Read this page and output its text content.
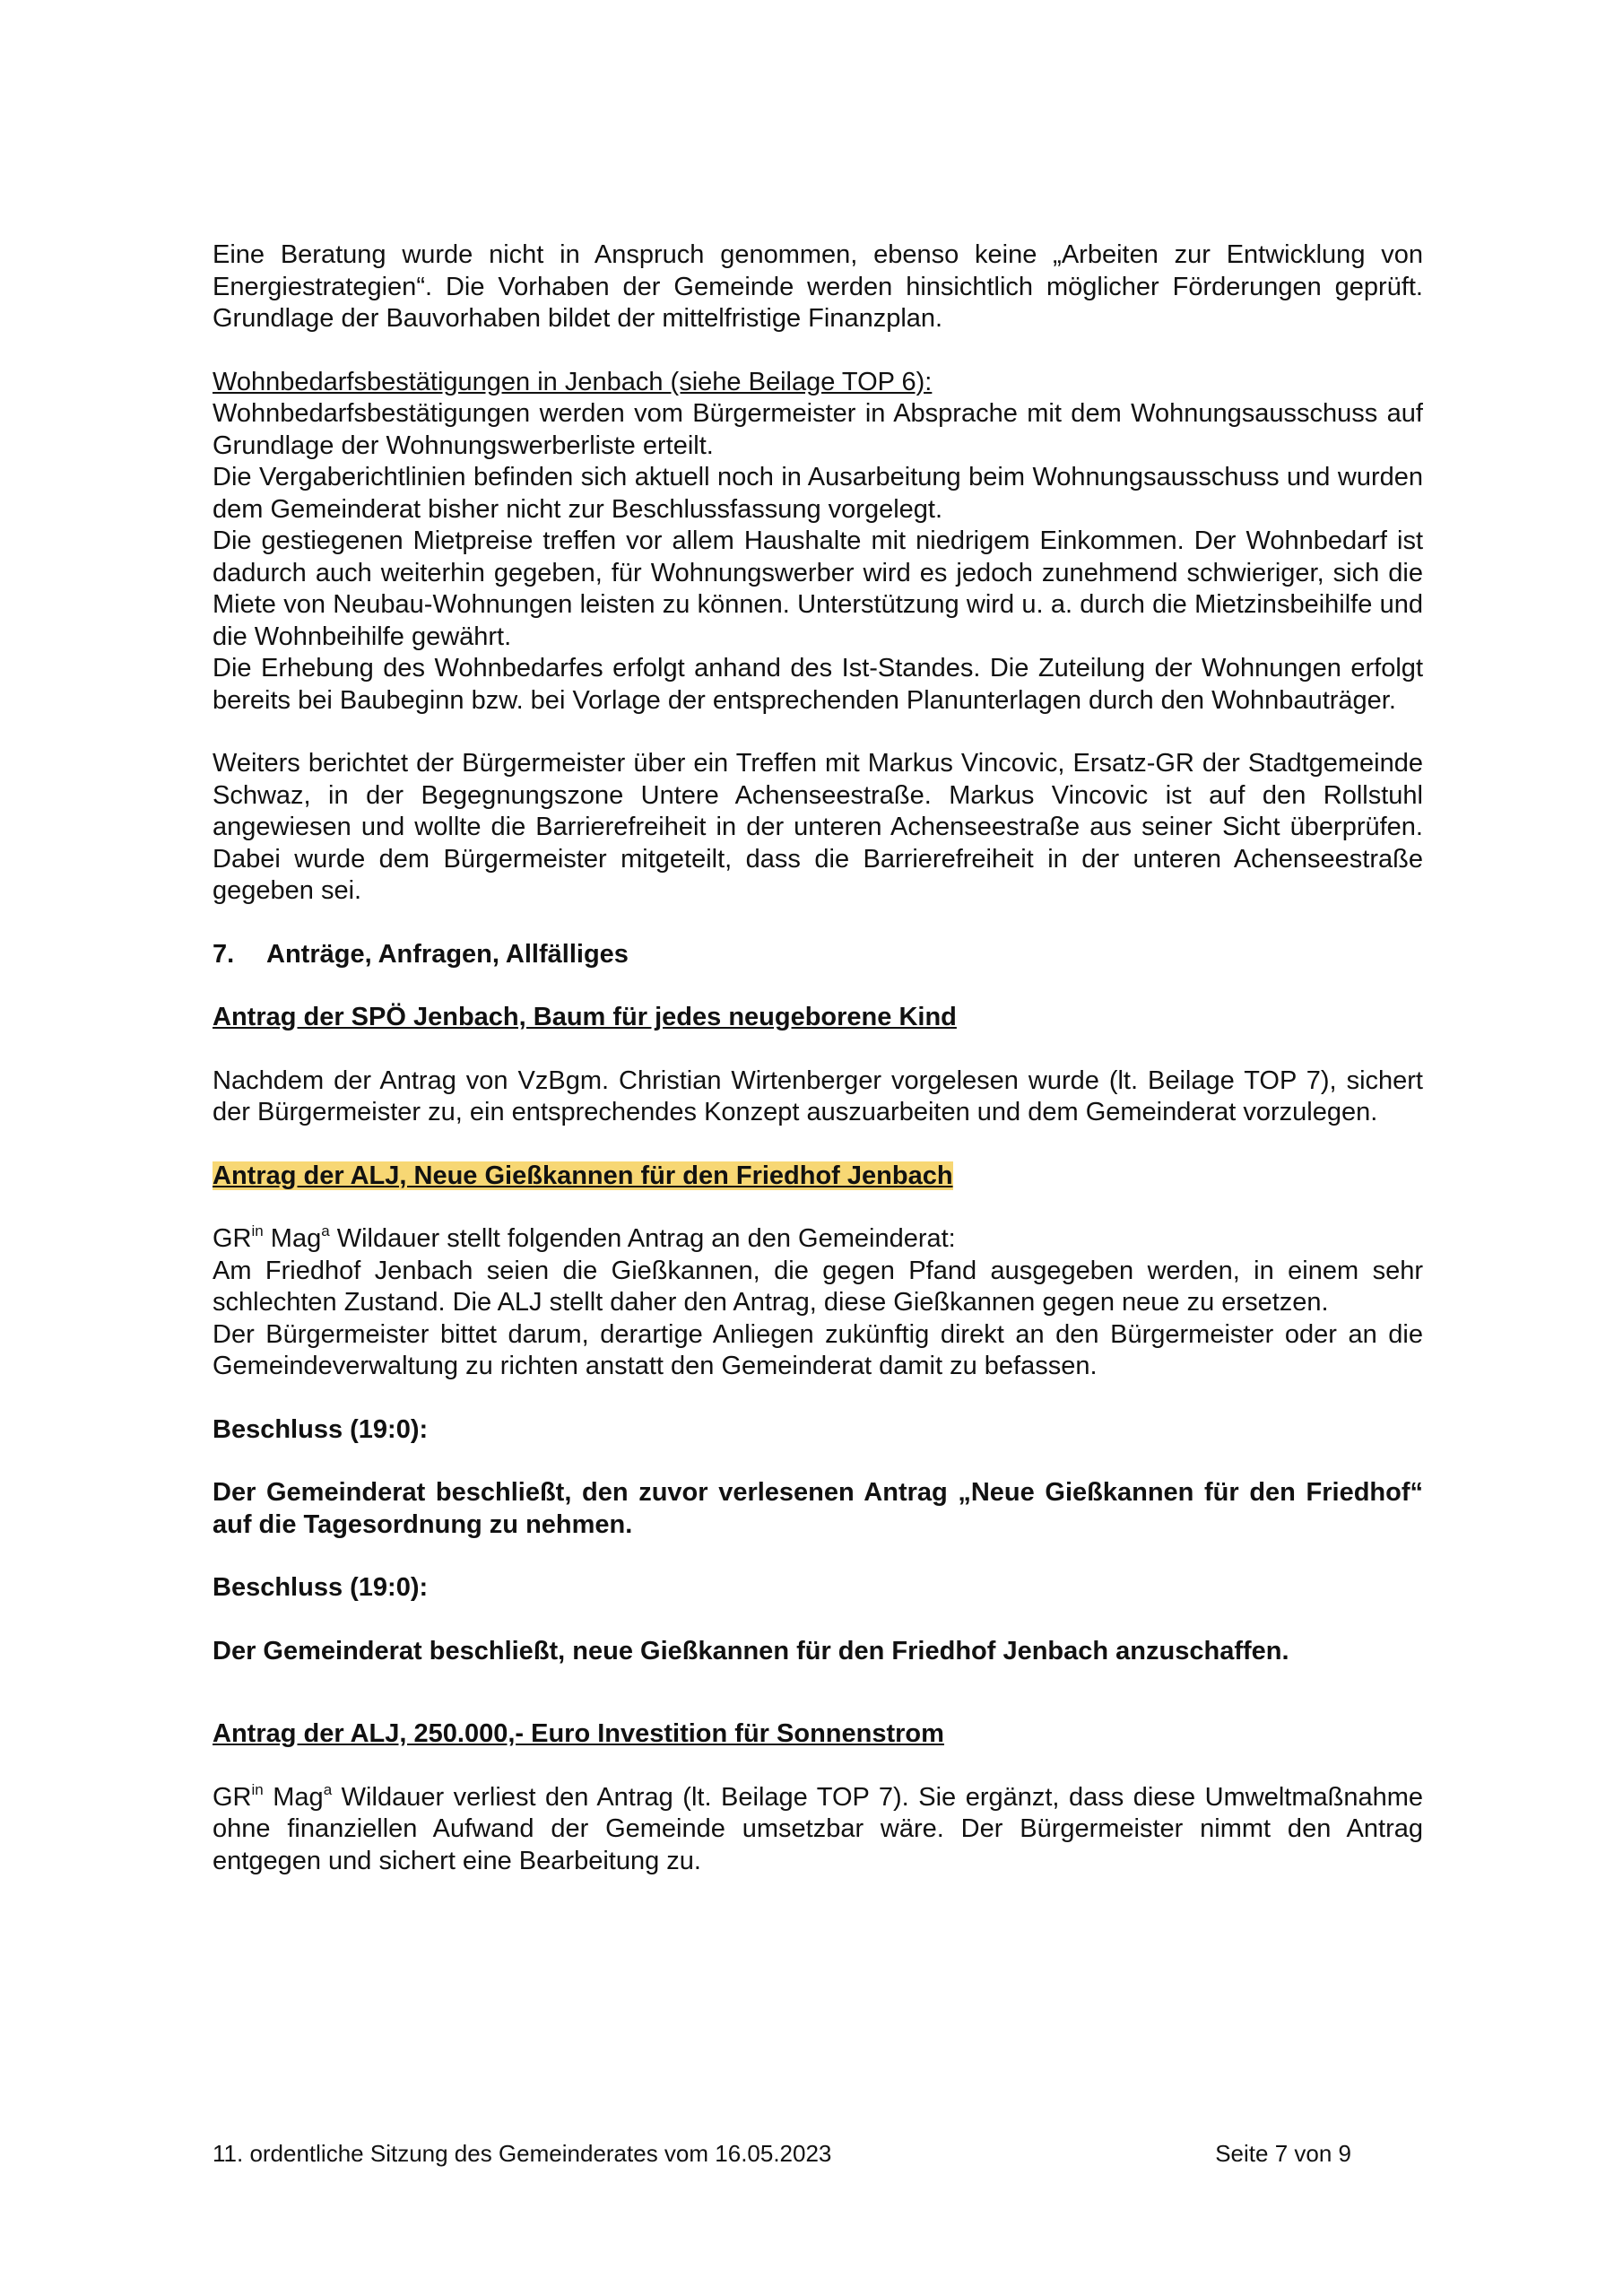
Eine Beratung wurde nicht in Anspruch genommen, ebenso keine „Arbeiten zur Entwicklung von Energiestrategien“. Die Vorhaben der Gemeinde werden hinsichtlich möglicher Förderungen geprüft. Grundlage der Bauvorhaben bildet der mittelfristige Finanzplan.

Wohnbedarfsbestätigungen in Jenbach (siehe Beilage TOP 6):

Wohnbedarfsbestätigungen werden vom Bürgermeister in Absprache mit dem Wohnungsausschuss auf Grundlage der Wohnungswerberliste erteilt.

Die Vergaberichtlinien befinden sich aktuell noch in Ausarbeitung beim Wohnungsausschuss und wurden dem Gemeinderat bisher nicht zur Beschlussfassung vorgelegt.

Die gestiegenen Mietpreise treffen vor allem Haushalte mit niedrigem Einkommen. Der Wohnbedarf ist dadurch auch weiterhin gegeben, für Wohnungswerber wird es jedoch zunehmend schwieriger, sich die Miete von Neubau-Wohnungen leisten zu können. Unterstützung wird u. a. durch die Mietzinsbeihilfe und die Wohnbeihilfe gewährt.

Die Erhebung des Wohnbedarfes erfolgt anhand des Ist-Standes. Die Zuteilung der Wohnungen erfolgt bereits bei Baubeginn bzw. bei Vorlage der entsprechenden Planunterlagen durch den Wohnbauträger.

Weiters berichtet der Bürgermeister über ein Treffen mit Markus Vincovic, Ersatz-GR der Stadtgemeinde Schwaz, in der Begegnungszone Untere Achenseestraße. Markus Vincovic ist auf den Rollstuhl angewiesen und wollte die Barrierefreiheit in der unteren Achenseestraße aus seiner Sicht überprüfen. Dabei wurde dem Bürgermeister mitgeteilt, dass die Barrierefreiheit in der unteren Achenseestraße gegeben sei.

7.	Anträge, Anfragen, Allfälliges

Antrag der SPÖ Jenbach, Baum für jedes neugeborene Kind

Nachdem der Antrag von VzBgm. Christian Wirtenberger vorgelesen wurde (lt. Beilage TOP 7), sichert der Bürgermeister zu, ein entsprechendes Konzept auszuarbeiten und dem Gemeinderat vorzulegen.

Antrag der ALJ, Neue Gießkannen für den Friedhof Jenbach

$GR^{in}$ Mag$^a$ Wildauer stellt folgenden Antrag an den Gemeinderat:

Am Friedhof Jenbach seien die Gießkannen, die gegen Pfand ausgegeben werden, in einem sehr schlechten Zustand. Die ALJ stellt daher den Antrag, diese Gießkannen gegen neue zu ersetzen.

Der Bürgermeister bittet darum, derartige Anliegen zukünftig direkt an den Bürgermeister oder an die Gemeindeverwaltung zu richten anstatt den Gemeinderat damit zu befassen.

Beschluss (19:0):

Der Gemeinderat beschließt, den zuvor verlesenen Antrag „Neue Gießkannen für den Friedhof“ auf die Tagesordnung zu nehmen.

Beschluss (19:0):

Der Gemeinderat beschließt, neue Gießkannen für den Friedhof Jenbach anzuschaffen.

Antrag der ALJ, 250.000,- Euro Investition für Sonnenstrom

$GR^{in}$ Mag$^a$ Wildauer verliest den Antrag (lt. Beilage TOP 7). Sie ergänzt, dass diese Umweltmaßnahme ohne finanziellen Aufwand der Gemeinde umsetzbar wäre. Der Bürgermeister nimmt den Antrag entgegen und sichert eine Bearbeitung zu.

11. ordentliche Sitzung des Gemeinderates vom 16.05.2023	Seite 7 von 9
